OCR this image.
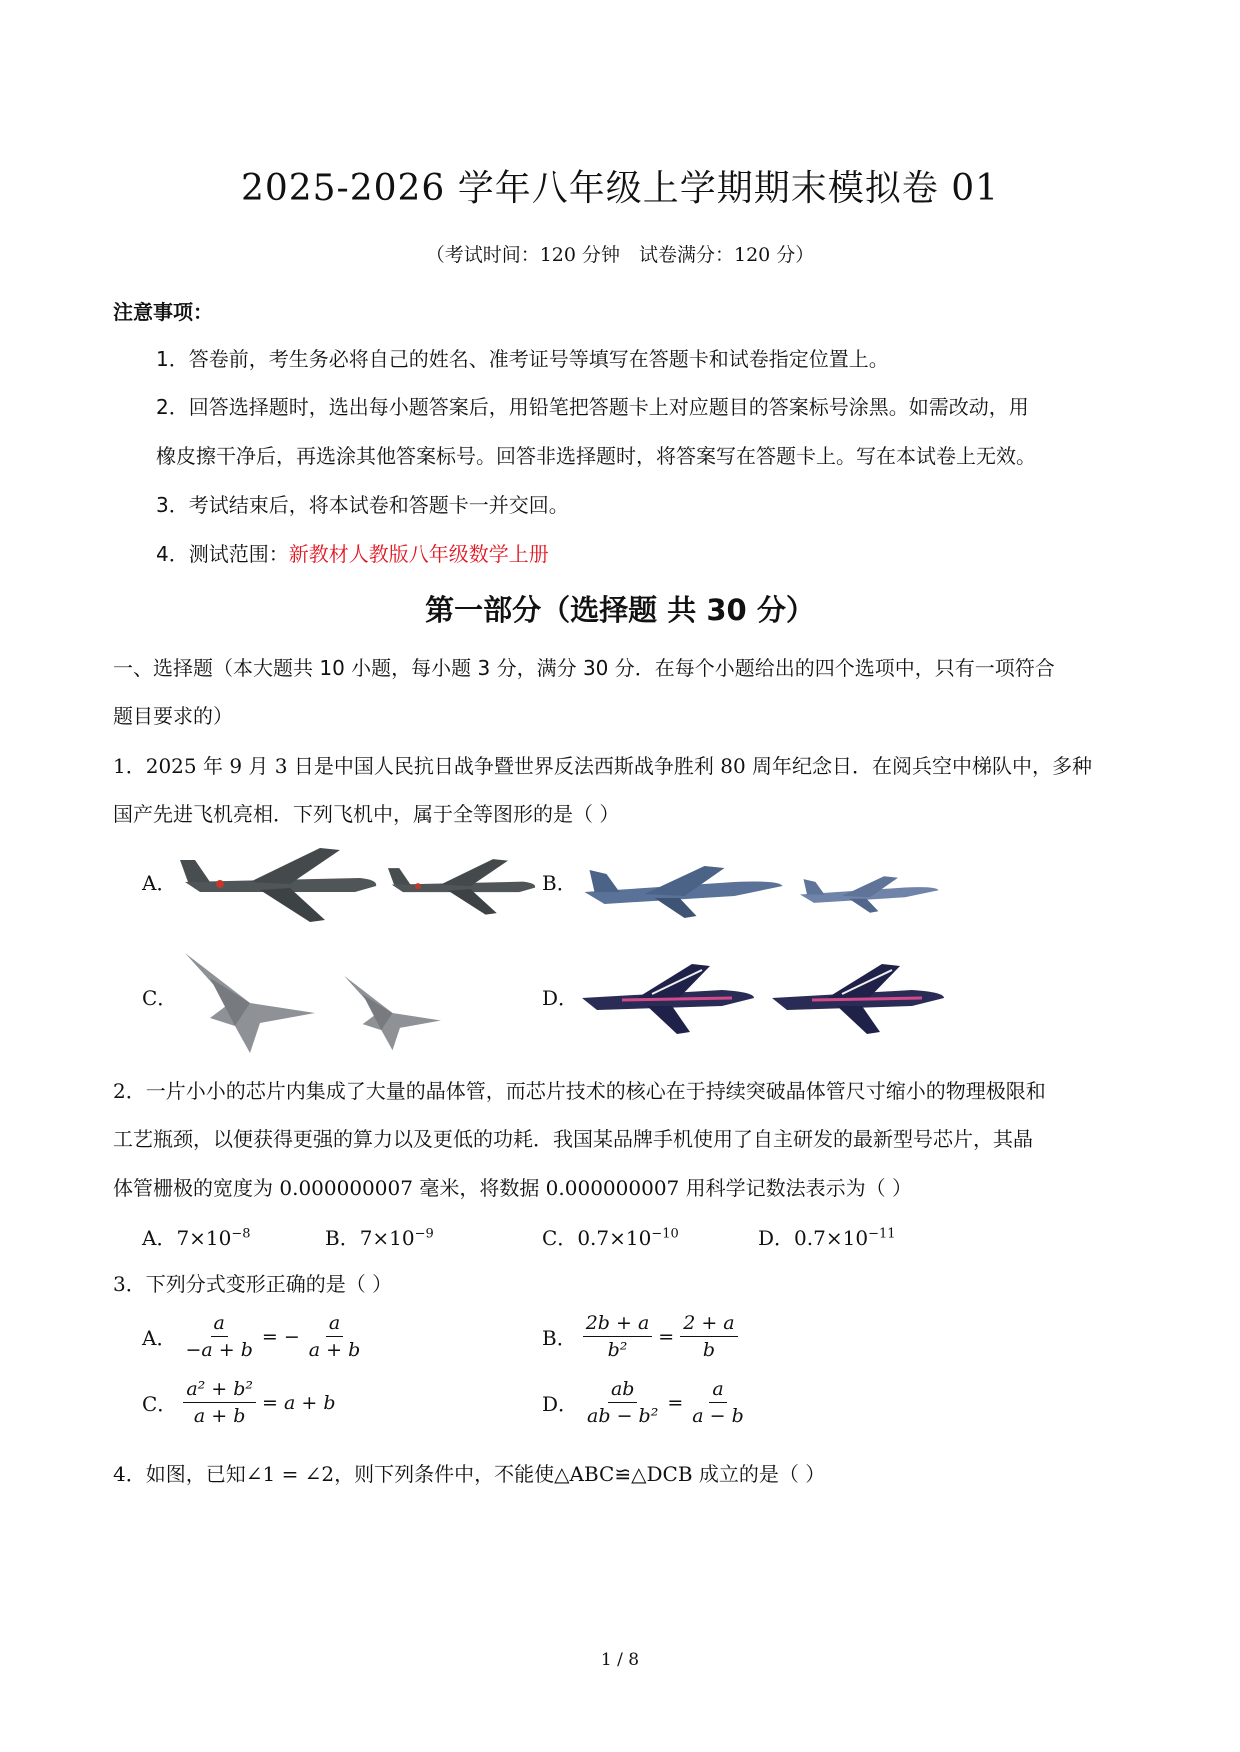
2025-2026 学年八年级上学期期末模拟卷 01
（考试时间：120 分钟　试卷满分：120 分）
注意事项：
1．答卷前，考生务必将自己的姓名、准考证号等填写在答题卡和试卷指定位置上。
2．回答选择题时，选出每小题答案后，用铅笔把答题卡上对应题目的答案标号涂黑。如需改动，用
橡皮擦干净后，再选涂其他答案标号。回答非选择题时，将答案写在答题卡上。写在本试卷上无效。
3．考试结束后，将本试卷和答题卡一并交回。
4．测试范围：新教材人教版八年级数学上册
第一部分（选择题 共 30 分）
一、选择题（本大题共 10 小题，每小题 3 分，满分 30 分．在每个小题给出的四个选项中，只有一项符合
题目要求的）
1．2025 年 9 月 3 日是中国人民抗日战争暨世界反法西斯战争胜利 80 周年纪念日．在阅兵空中梯队中，多种
国产先进飞机亮相．下列飞机中，属于全等图形的是（ ）
A．	B．
C．	D．
2．一片小小的芯片内集成了大量的晶体管，而芯片技术的核心在于持续突破晶体管尺寸缩小的物理极限和
工艺瓶颈，以便获得更强的算力以及更低的功耗．我国某品牌手机使用了自主研发的最新型号芯片，其晶
体管栅极的宽度为 0.000000007 毫米，将数据 0.000000007 用科学记数法表示为（ ）
A．$7\times 10^{-8}$	B．$7\times 10^{-9}$	C．$0.7\times 10^{-10}$	D．$0.7\times 10^{-11}$
3．下列分式变形正确的是（ ）
A． $\frac{a}{-a + b}$ = − $\frac{a}{a + b}$	B． $\frac{2b + a}{\text{b²}} = \frac{2 + a}{b}$
C． $\frac{\text{a² + b²}}{a + b} = a + b$	D． $\frac{ab}{\text{ab − b²}} = \frac{a}{a - b}$
4．如图，已知∠1 = ∠2，则下列条件中，不能使△ABC≌△DCB 成立的是（ ）
1 / 8
